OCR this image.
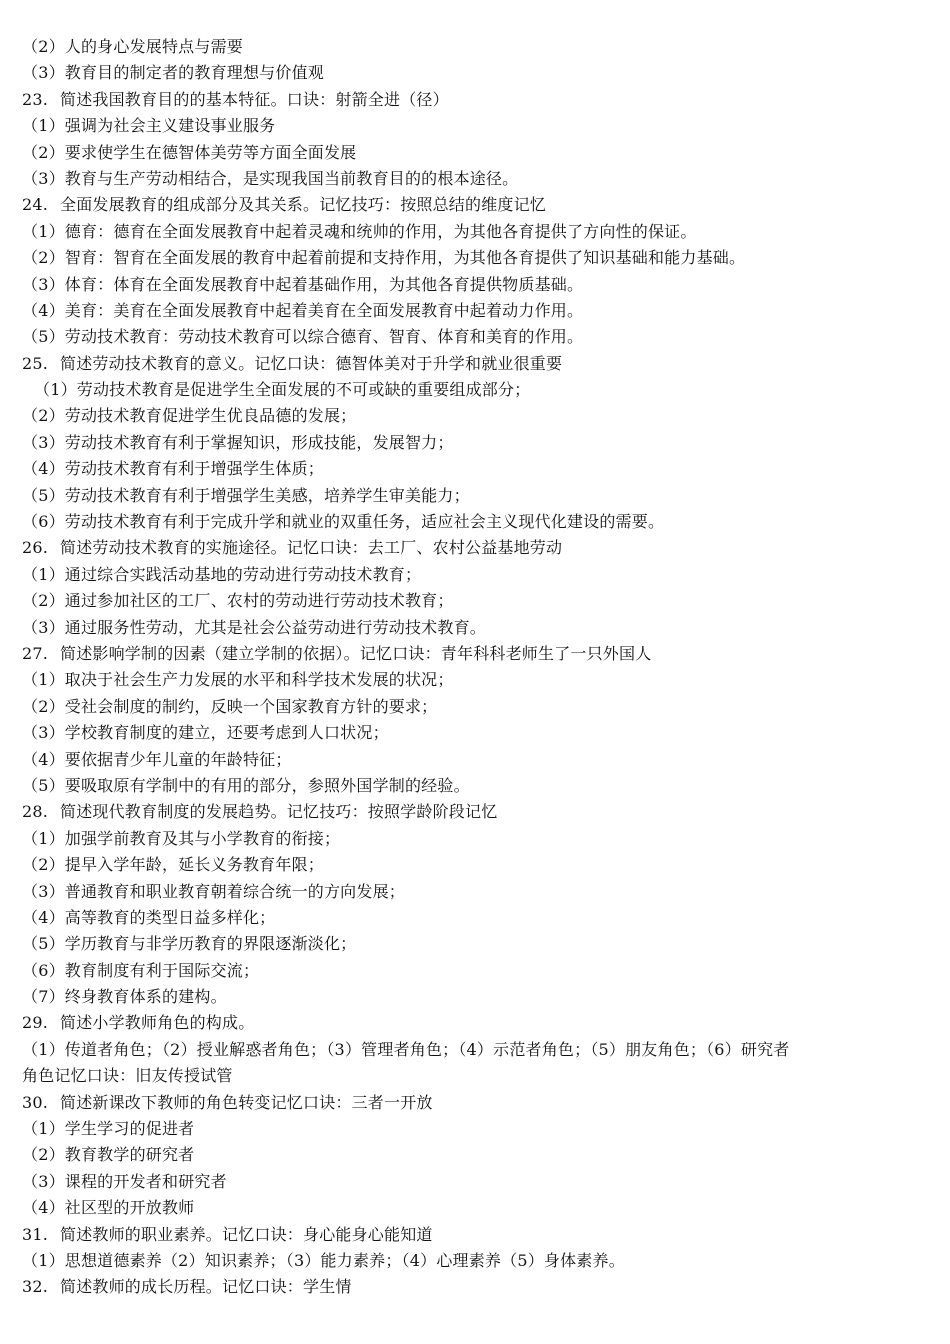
（2）人的身心发展特点与需要
（3）教育目的制定者的教育理想与价值观
23. 简述我国教育目的的基本特征。口诀：射箭全进（径）
（1）强调为社会主义建设事业服务
（2）要求使学生在德智体美劳等方面全面发展
（3）教育与生产劳动相结合，是实现我国当前教育目的的根本途径。
24. 全面发展教育的组成部分及其关系。记忆技巧：按照总结的维度记忆
（1）德育：德育在全面发展教育中起着灵魂和统帅的作用，为其他各育提供了方向性的保证。
（2）智育：智育在全面发展的教育中起着前提和支持作用，为其他各育提供了知识基础和能力基础。
（3）体育：体育在全面发展教育中起着基础作用，为其他各育提供物质基础。
（4）美育：美育在全面发展教育中起着美育在全面发展教育中起着动力作用。
（5）劳动技术教育：劳动技术教育可以综合德育、智育、体育和美育的作用。
25. 简述劳动技术教育的意义。记忆口诀：德智体美对于升学和就业很重要
（1）劳动技术教育是促进学生全面发展的不可或缺的重要组成部分；
（2）劳动技术教育促进学生优良品德的发展；
（3）劳动技术教育有利于掌握知识，形成技能，发展智力；
（4）劳动技术教育有利于增强学生体质；
（5）劳动技术教育有利于增强学生美感，培养学生审美能力；
（6）劳动技术教育有利于完成升学和就业的双重任务，适应社会主义现代化建设的需要。
26. 简述劳动技术教育的实施途径。记忆口诀：去工厂、农村公益基地劳动
（1）通过综合实践活动基地的劳动进行劳动技术教育；
（2）通过参加社区的工厂、农村的劳动进行劳动技术教育；
（3）通过服务性劳动，尤其是社会公益劳动进行劳动技术教育。
27. 简述影响学制的因素（建立学制的依据）。记忆口诀：青年科科老师生了一只外国人
（1）取决于社会生产力发展的水平和科学技术发展的状况；
（2）受社会制度的制约，反映一个国家教育方针的要求；
（3）学校教育制度的建立，还要考虑到人口状况；
（4）要依据青少年儿童的年龄特征；
（5）要吸取原有学制中的有用的部分，参照外国学制的经验。
28. 简述现代教育制度的发展趋势。记忆技巧：按照学龄阶段记忆
（1）加强学前教育及其与小学教育的衔接；
（2）提早入学年龄，延长义务教育年限；
（3）普通教育和职业教育朝着综合统一的方向发展；
（4）高等教育的类型日益多样化；
（5）学历教育与非学历教育的界限逐渐淡化；
（6）教育制度有利于国际交流；
（7）终身教育体系的建构。
29. 简述小学教师角色的构成。
（1）传道者角色；（2）授业解惑者角色；（3）管理者角色；（4）示范者角色；（5）朋友角色；（6）研究者
角色记忆口诀：旧友传授试管
30. 简述新课改下教师的角色转变记忆口诀：三者一开放
（1）学生学习的促进者
（2）教育教学的研究者
（3）课程的开发者和研究者
（4）社区型的开放教师
31. 简述教师的职业素养。记忆口诀：身心能身心能知道
（1）思想道德素养（2）知识素养；（3）能力素养；（4）心理素养（5）身体素养。
32. 简述教师的成长历程。记忆口诀：学生情
